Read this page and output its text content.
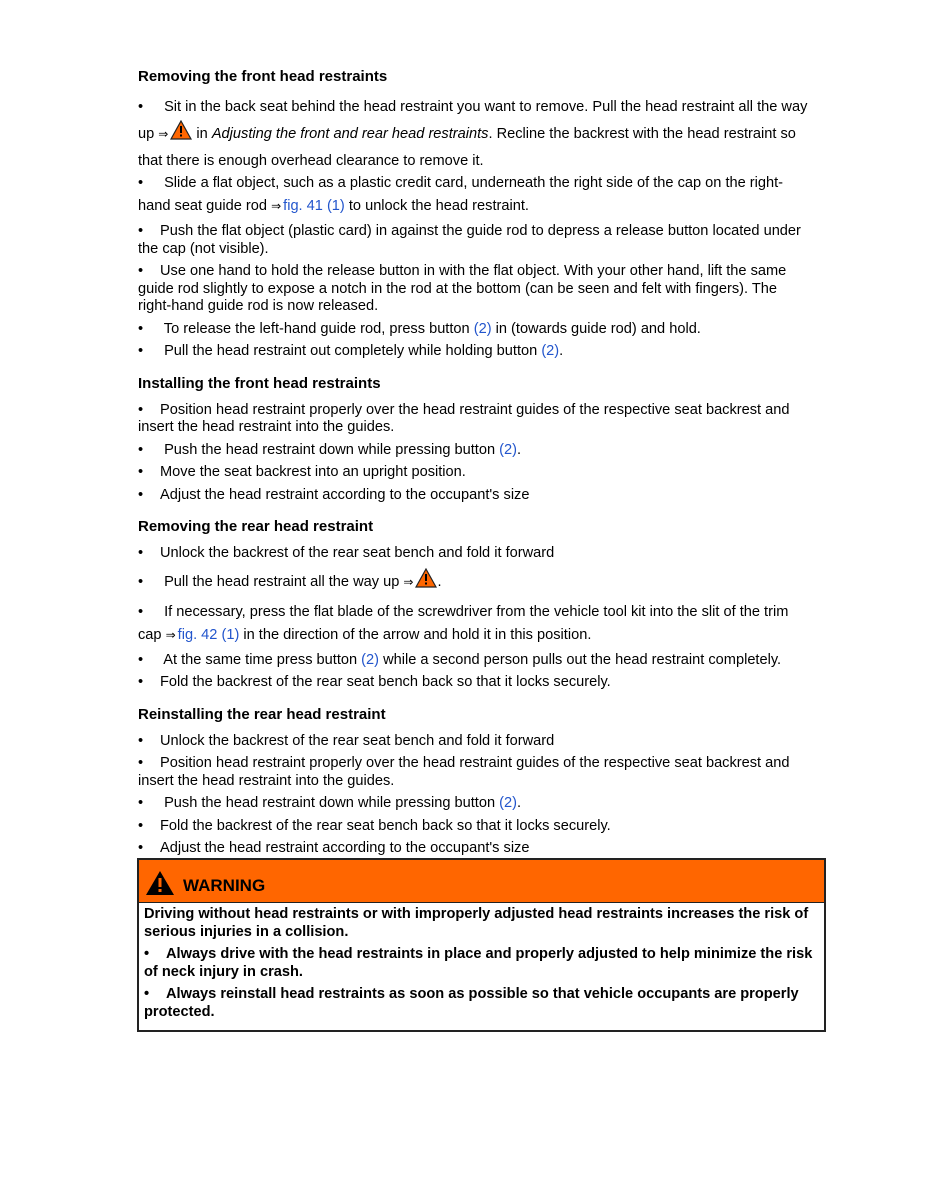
Removing the front head restraints
• Sit in the back seat behind the head restraint you want to remove. Pull the head restraint all the way up ⇒ in Adjusting the front and rear head restraints. Recline the backrest with the head restraint so that there is enough overhead clearance to remove it.
• Slide a flat object, such as a plastic credit card, underneath the right side of the cap on the right-hand seat guide rod ⇒ fig. 41 (1) to unlock the head restraint.
• Push the flat object (plastic card) in against the guide rod to depress a release button located under the cap (not visible).
• Use one hand to hold the release button in with the flat object. With your other hand, lift the same guide rod slightly to expose a notch in the rod at the bottom (can be seen and felt with fingers). The right-hand guide rod is now released.
• To release the left-hand guide rod, press button (2) in (towards guide rod) and hold.
• Pull the head restraint out completely while holding button (2).
Installing the front head restraints
• Position head restraint properly over the head restraint guides of the respective seat backrest and insert the head restraint into the guides.
• Push the head restraint down while pressing button (2).
• Move the seat backrest into an upright position.
• Adjust the head restraint according to the occupant's size
Removing the rear head restraint
• Unlock the backrest of the rear seat bench and fold it forward
• Pull the head restraint all the way up ⇒ .
• If necessary, press the flat blade of the screwdriver from the vehicle tool kit into the slit of the trim cap ⇒ fig. 42 (1) in the direction of the arrow and hold it in this position.
• At the same time press button (2) while a second person pulls out the head restraint completely.
• Fold the backrest of the rear seat bench back so that it locks securely.
Reinstalling the rear head restraint
• Unlock the backrest of the rear seat bench and fold it forward
• Position head restraint properly over the head restraint guides of the respective seat backrest and insert the head restraint into the guides.
• Push the head restraint down while pressing button (2).
• Fold the backrest of the rear seat bench back so that it locks securely.
• Adjust the head restraint according to the occupant's size
WARNING
Driving without head restraints or with improperly adjusted head restraints increases the risk of serious injuries in a collision.
• Always drive with the head restraints in place and properly adjusted to help minimize the risk of neck injury in crash.
• Always reinstall head restraints as soon as possible so that vehicle occupants are properly protected.
